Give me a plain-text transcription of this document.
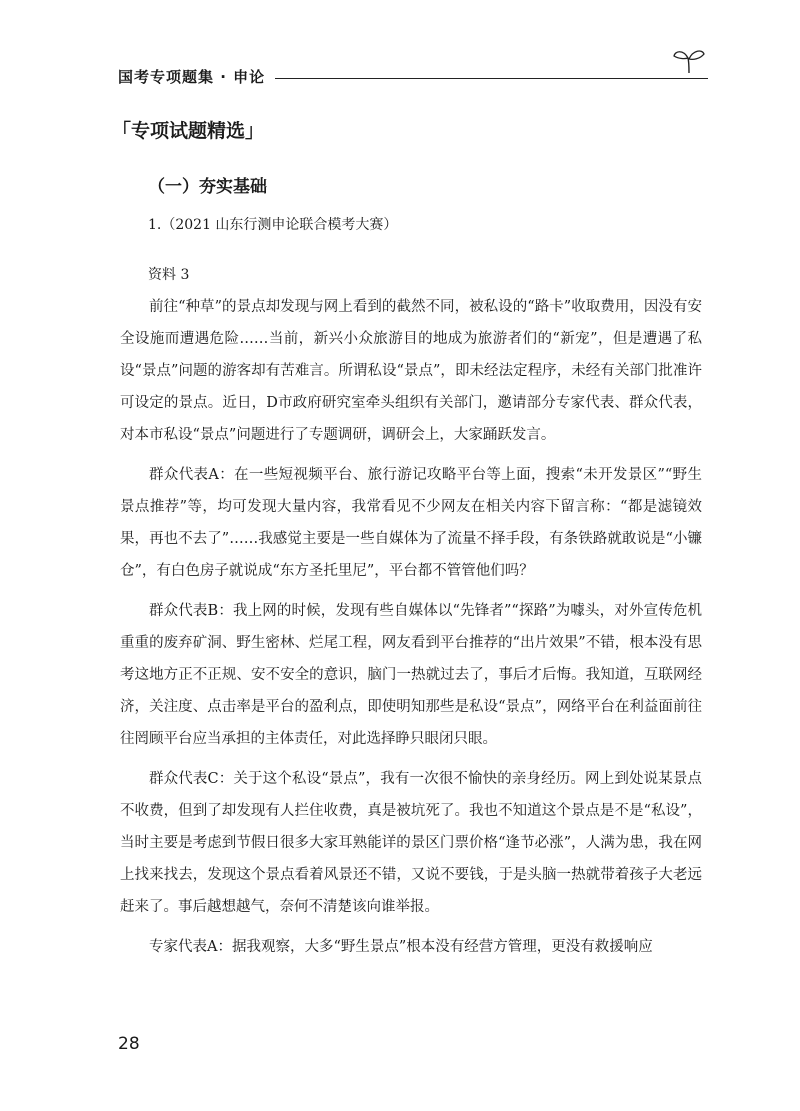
国考专项题集 · 申论
「专项试题精选」
（一）夯实基础
1.（2021 山东行测申论联合模考大赛）
资料 3

前往“种草”的景点却发现与网上看到的截然不同，被私设的“路卡”收取费用，因没有安全设施而遭遇危险……当前，新兴小众旅游目的地成为旅游者们的“新宠”，但是遭遇了私设“景点”问题的游客却有苦难言。所谓私设“景点”，即未经法定程序，未经有关部门批准许可设定的景点。近日，D市政府研究室牵头组织有关部门，邀请部分专家代表、群众代表，对本市私设“景点”问题进行了专题调研，调研会上，大家踊跃发言。

群众代表A：在一些短视频平台、旅行游记攻略平台等上面，搜索“未开发景区”“野生景点推荐”等，均可发现大量内容，我常看见不少网友在相关内容下留言称：“都是滤镜效果，再也不去了”……我感觉主要是一些自媒体为了流量不择手段，有条铁路就敢说是“小镰仓”，有白色房子就说成“东方圣托里尼”，平台都不管管他们吗？

群众代表B：我上网的时候，发现有些自媒体以“先锋者”“探路”为噱头，对外宣传危机重重的废弃矿洞、野生密林、烂尾工程，网友看到平台推荐的“出片效果”不错，根本没有思考这地方正不正规、安不安全的意识，脑门一热就过去了，事后才后悔。我知道，互联网经济，关注度、点击率是平台的盈利点，即使明知那些是私设“景点”，网络平台在利益面前往往罔顾平台应当承担的主体责任，对此选择睁只眼闭只眼。

群众代表C：关于这个私设“景点”，我有一次很不愉快的亲身经历。网上到处说某景点不收费，但到了却发现有人拦住收费，真是被坑死了。我也不知道这个景点是不是“私设”，当时主要是考虑到节假日很多大家耳熟能详的景区门票价格“逢节必涨”，人满为患，我在网上找来找去，发现这个景点看着风景还不错，又说不要钱，于是头脑一热就带着孩子大老远赶来了。事后越想越气，奈何不清楚该向谁举报。

专家代表A：据我观察，大多“野生景点”根本没有经营方管理，更没有救援响应

28
